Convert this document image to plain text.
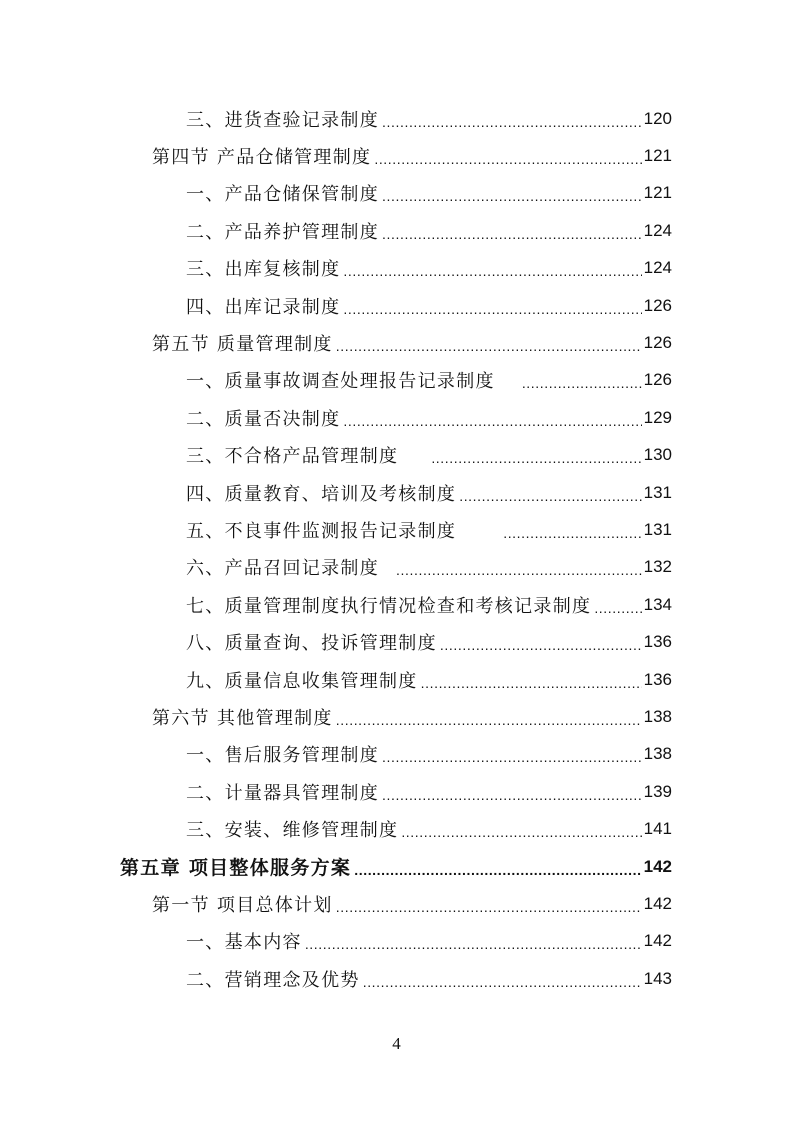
三、进货查验记录制度 .....	120
第四节 产品仓储管理制度 .....	121
一、产品仓储保管制度 .....	121
二、产品养护管理制度 .....	124
三、出库复核制度 .....	124
四、出库记录制度 .....	126
第五节 质量管理制度 .....	126
一、质量事故调查处理报告记录制度 .....	126
二、质量否决制度 .....	129
三、不合格产品管理制度 .....	130
四、质量教育、培训及考核制度 .....	131
五、不良事件监测报告记录制度 .....	131
六、产品召回记录制度 .....	132
七、质量管理制度执行情况检查和考核记录制度 .....	134
八、质量查询、投诉管理制度 .....	136
九、质量信息收集管理制度 .....	136
第六节 其他管理制度 .....	138
一、售后服务管理制度 .....	138
二、计量器具管理制度 .....	139
三、安装、维修管理制度 .....	141
第五章 项目整体服务方案 .....	142
第一节 项目总体计划 .....	142
一、基本内容 .....	142
二、营销理念及优势 .....	143
4
